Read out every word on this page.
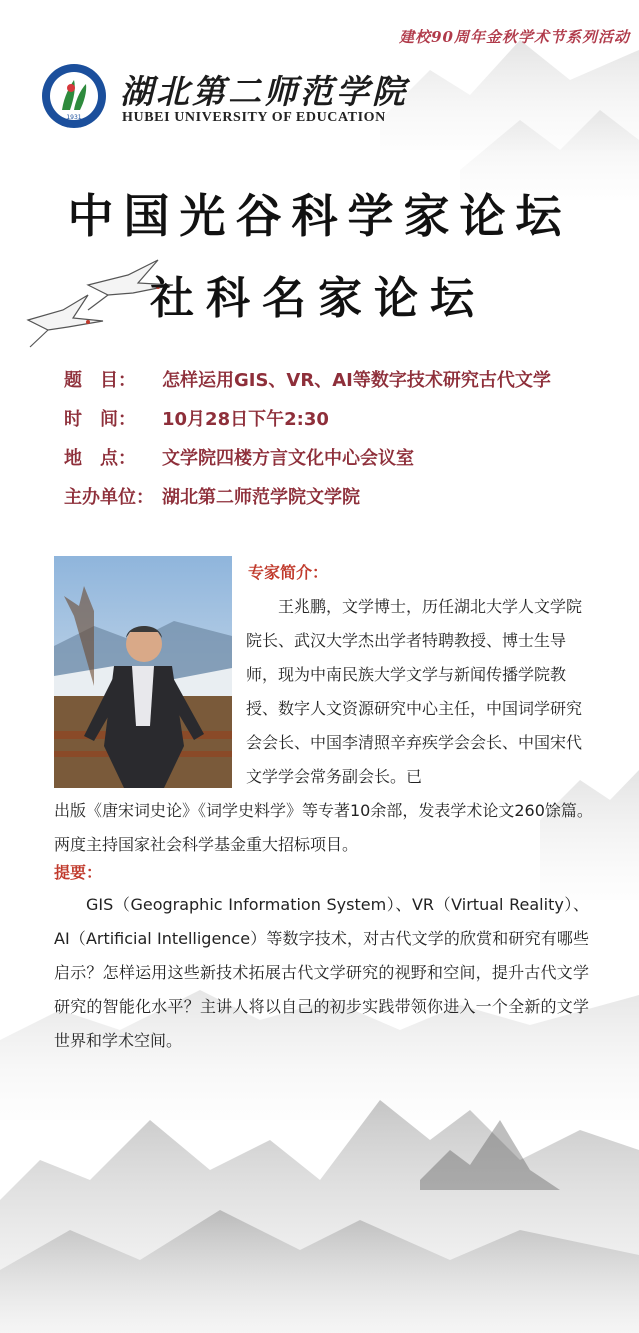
建校90周年金秋学术节系列活动
1931
湖北第二师范学院
HUBEI UNIVERSITY OF EDUCATION
中国光谷科学家论坛
社科名家论坛
题　目： 怎样运用GIS、VR、AI等数字技术研究古代文学
时　间： 10月28日下午2:30
地　点： 文学院四楼方言文化中心会议室
主办单位： 湖北第二师范学院文学院
专家简介：
王兆鹏，文学博士，历任湖北大学人文学院院长、武汉大学杰出学者特聘教授、博士生导师，现为中南民族大学文学与新闻传播学院教授、数字人文资源研究中心主任，中国词学研究会会长、中国李清照辛弃疾学会会长、中国宋代文学学会常务副会长。已
出版《唐宋词史论》《词学史料学》等专著10余部，发表学术论文260馀篇。两度主持国家社会科学基金重大招标项目。
提要：
GIS（Geographic Information System）、VR（Virtual Reality）、AI（Artificial Intelligence）等数字技术，对古代文学的欣赏和研究有哪些启示？怎样运用这些新技术拓展古代文学研究的视野和空间，提升古代文学研究的智能化水平？主讲人将以自己的初步实践带领你进入一个全新的文学世界和学术空间。
